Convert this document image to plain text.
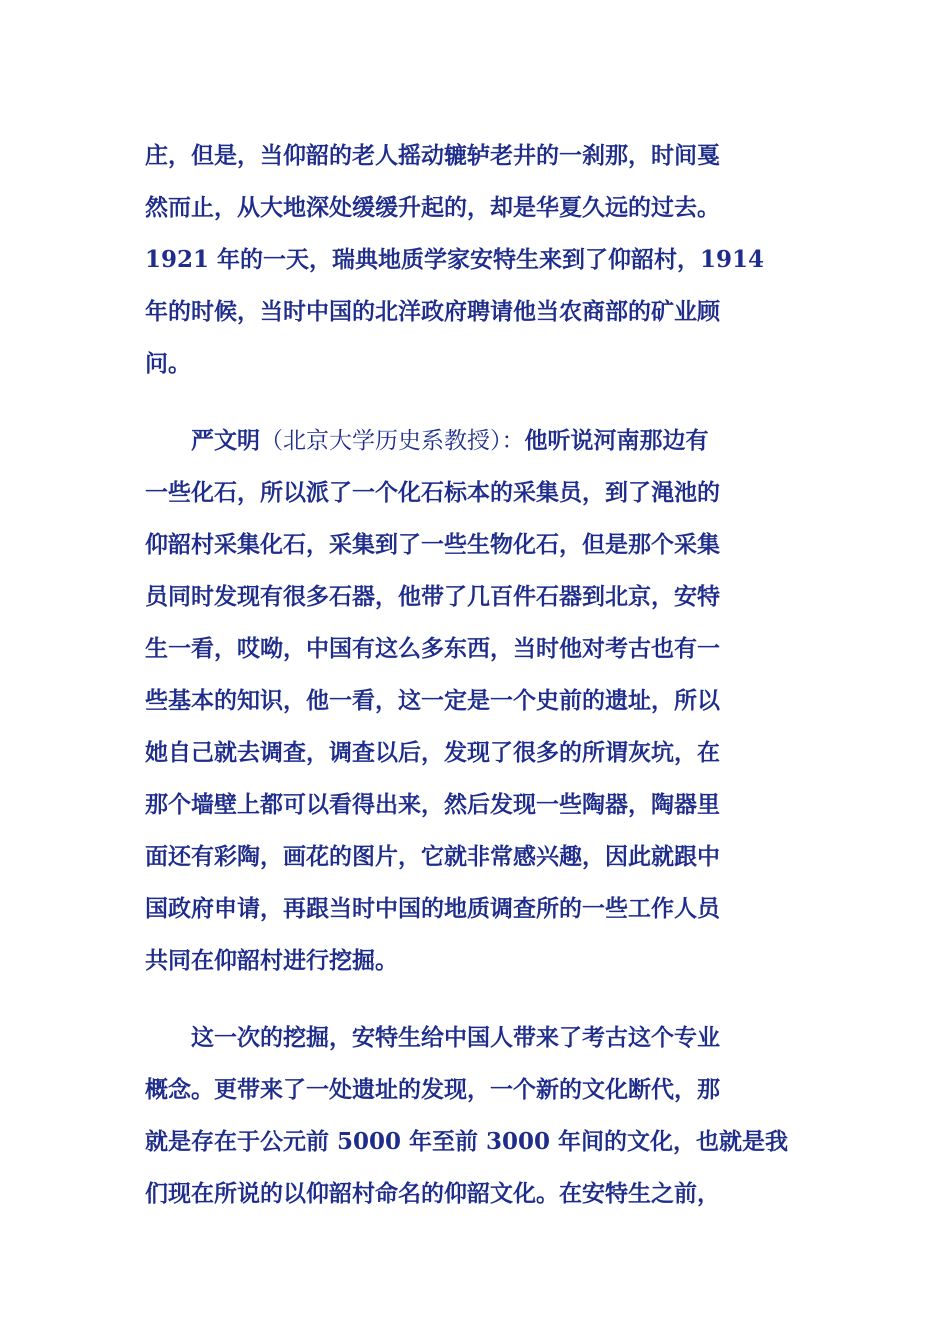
庄，但是，当仰韶的老人摇动辘轳老井的一刹那，时间戛
然而止，从大地深处缓缓升起的，却是华夏久远的过去。
1921 年的一天，瑞典地质学家安特生来到了仰韶村，1914
年的时候，当时中国的北洋政府聘请他当农商部的矿业顾
问。
严文明（北京大学历史系教授）：他听说河南那边有
一些化石，所以派了一个化石标本的采集员，到了渑池的
仰韶村采集化石，采集到了一些生物化石，但是那个采集
员同时发现有很多石器，他带了几百件石器到北京，安特
生一看，哎呦，中国有这么多东西，当时他对考古也有一
些基本的知识，他一看，这一定是一个史前的遗址，所以
她自己就去调查，调查以后，发现了很多的所谓灰坑，在
那个墙壁上都可以看得出来，然后发现一些陶器，陶器里
面还有彩陶，画花的图片，它就非常感兴趣，因此就跟中
国政府申请，再跟当时中国的地质调查所的一些工作人员
共同在仰韶村进行挖掘。
这一次的挖掘，安特生给中国人带来了考古这个专业
概念。更带来了一处遗址的发现，一个新的文化断代，那
就是存在于公元前 5000 年至前 3000 年间的文化，也就是我
们现在所说的以仰韶村命名的仰韶文化。在安特生之前，
